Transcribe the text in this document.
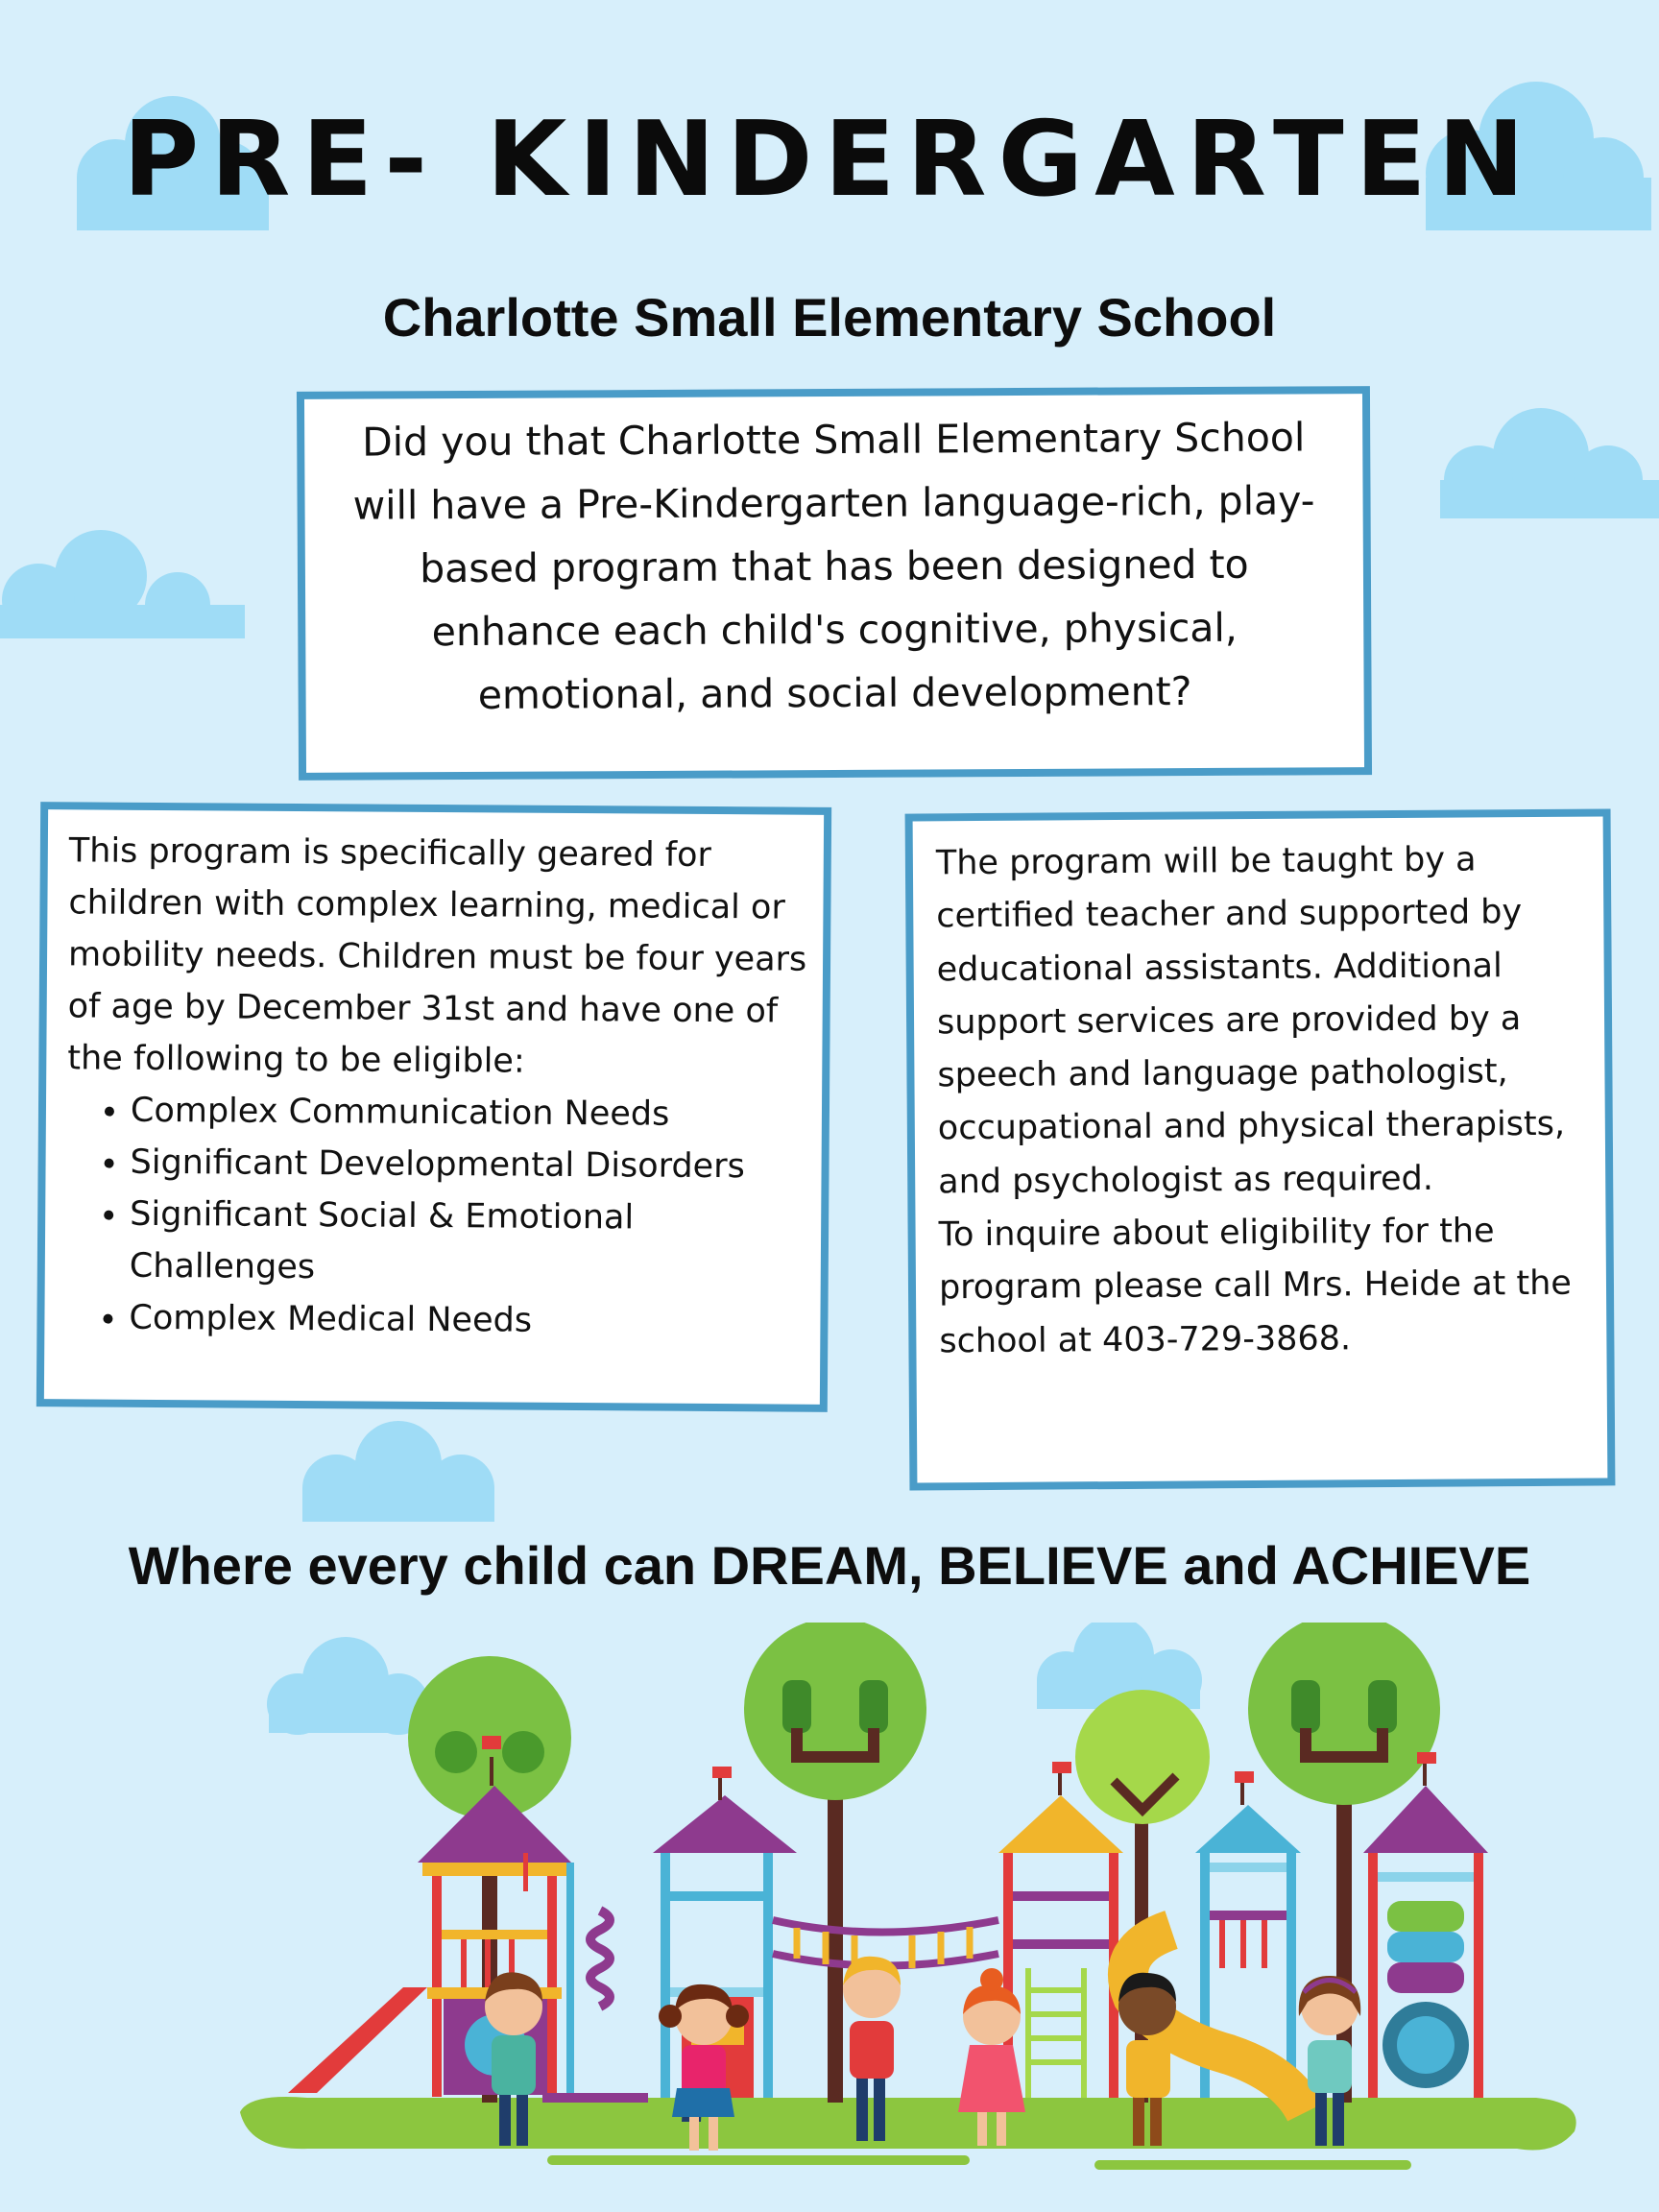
PRE- KINDERGARTEN
Charlotte Small Elementary School
Did you that Charlotte Small Elementary School will have a Pre-Kindergarten language-rich, play-based program that has been designed to enhance each child's cognitive, physical, emotional, and social development?
This program is specifically geared for children with complex learning, medical or mobility needs. Children must be four years of age by December 31st and have one of the following to be eligible:
• Complex Communication Needs
• Significant Developmental Disorders
• Significant Social & Emotional Challenges
• Complex Medical Needs
The program will be taught by a certified teacher and supported by educational assistants. Additional support services are provided by a speech and language pathologist, occupational and physical therapists, and psychologist as required.
To inquire about eligibility for the program please call Mrs. Heide at the school at 403-729-3868.
Where every child can DREAM, BELIEVE and ACHIEVE
